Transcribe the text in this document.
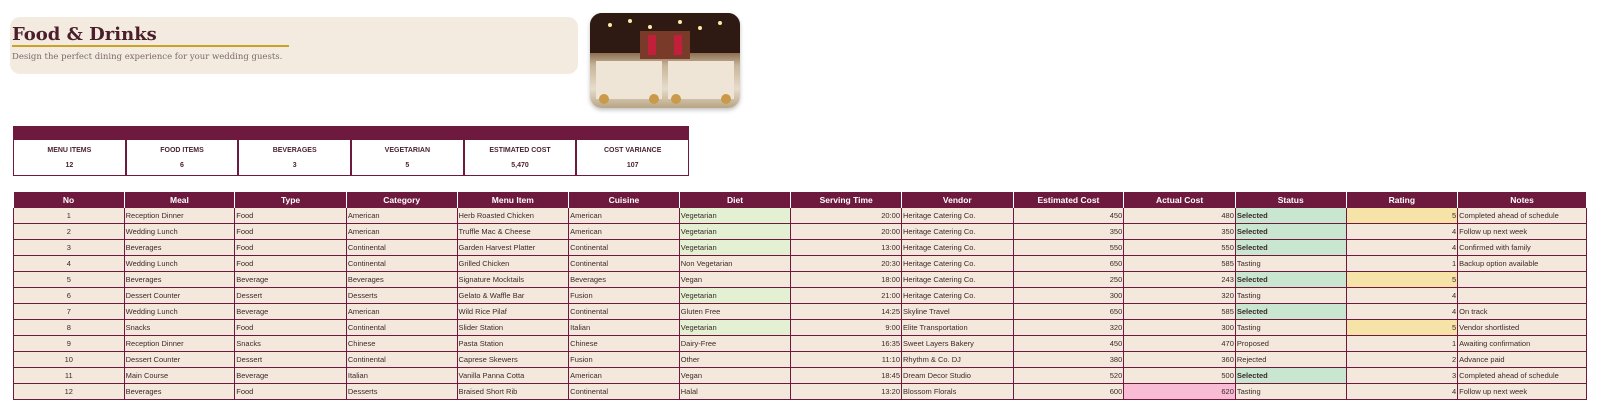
Food & Drinks

Design the perfect dining experience for your wedding guests.

MENU ITEMS
12
FOOD ITEMS
6
BEVERAGES
3
VEGETARIAN
5
ESTIMATED COST
5,470
COST VARIANCE
107
No	Meal	Type	Category	Menu Item	Cuisine	Diet	Serving Time	Vendor	Estimated Cost	Actual Cost	Status	Rating	Notes
1	Reception Dinner	Food	American	Herb Roasted Chicken	American	Vegetarian	20:00	Heritage Catering Co.	450	480	Selected	5	Completed ahead of schedule
2	Wedding Lunch	Food	American	Truffle Mac & Cheese	American	Vegetarian	20:00	Heritage Catering Co.	350	350	Selected	4	Follow up next week
3	Beverages	Food	Continental	Garden Harvest Platter	Continental	Vegetarian	13:00	Heritage Catering Co.	550	550	Selected	4	Confirmed with family
4	Wedding Lunch	Food	Continental	Grilled Chicken	Continental	Non Vegetarian	20:30	Heritage Catering Co.	650	585	Tasting	1	Backup option available
5	Beverages	Beverage	Beverages	Signature Mocktails	Beverages	Vegan	18:00	Heritage Catering Co.	250	243	Selected	5	
6	Dessert Counter	Dessert	Desserts	Gelato & Waffle Bar	Fusion	Vegetarian	21:00	Heritage Catering Co.	300	320	Tasting	4	
7	Wedding Lunch	Beverage	American	Wild Rice Pilaf	Continental	Gluten Free	14:25	Skyline Travel	650	585	Selected	4	On track
8	Snacks	Food	Continental	Slider Station	Italian	Vegetarian	9:00	Elite Transportation	320	300	Tasting	5	Vendor shortlisted
9	Reception Dinner	Snacks	Chinese	Pasta Station	Chinese	Dairy-Free	16:35	Sweet Layers Bakery	450	470	Proposed	1	Awaiting confirmation
10	Dessert Counter	Dessert	Continental	Caprese Skewers	Fusion	Other	11:10	Rhythm & Co. DJ	380	360	Rejected	2	Advance paid
11	Main Course	Beverage	Italian	Vanilla Panna Cotta	American	Vegan	18:45	Dream Decor Studio	520	500	Selected	3	Completed ahead of schedule
12	Beverages	Food	Desserts	Braised Short Rib	Continental	Halal	13:20	Blossom Florals	600	620	Tasting	4	Follow up next week
